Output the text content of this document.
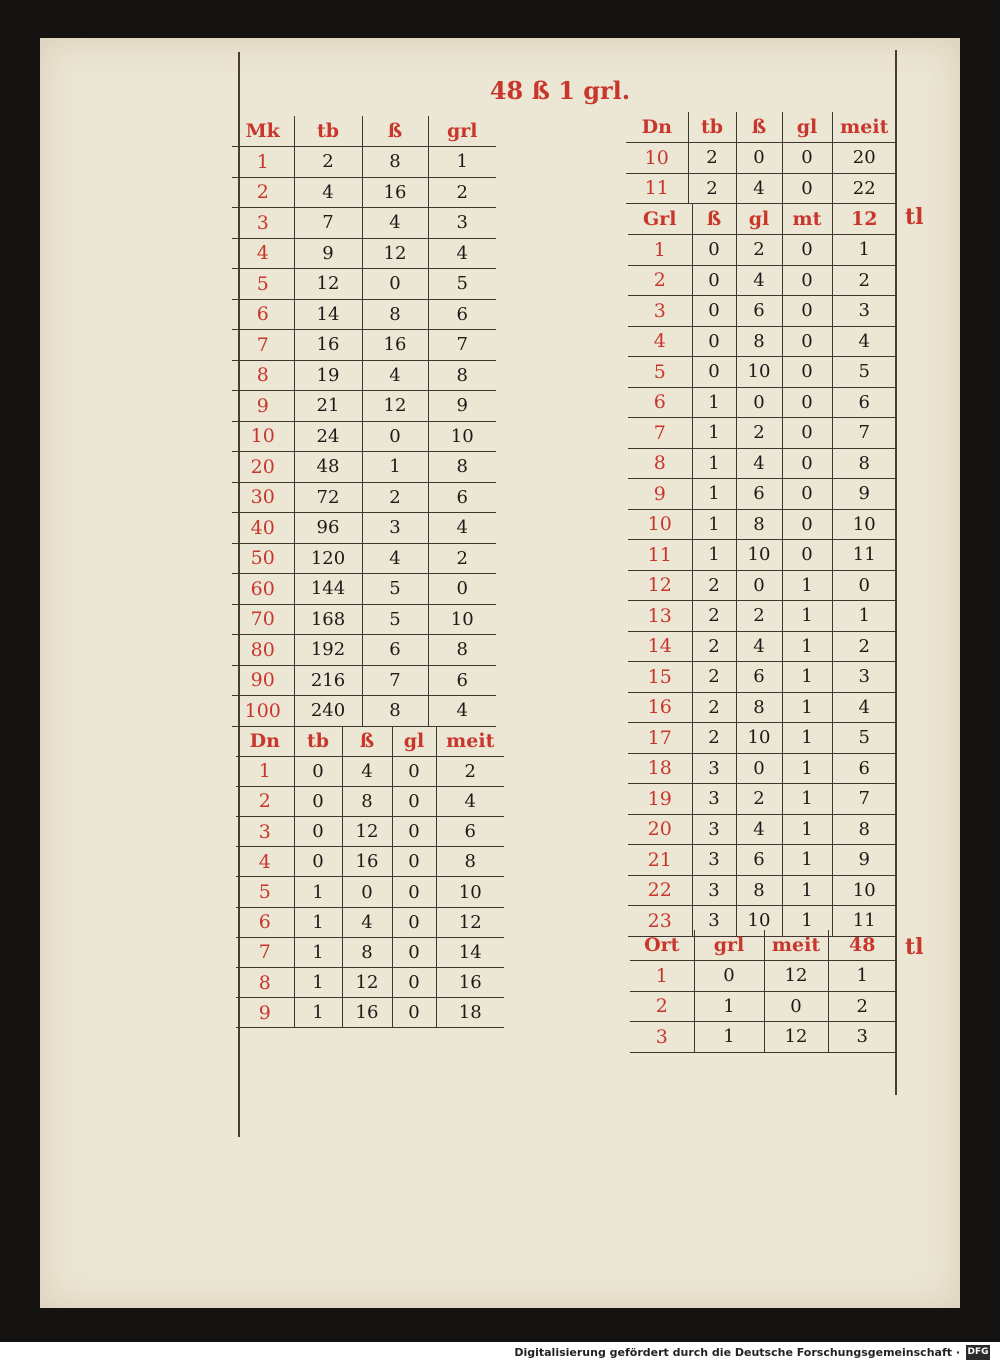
48 ß 1 grl.
Mk	tb	ß	grl
1	2	8	1
2	4	16	2
3	7	4	3
4	9	12	4
5	12	0	5
6	14	8	6
7	16	16	7
8	19	4	8
9	21	12	9
10	24	0	10
20	48	1	8
30	72	2	6
40	96	3	4
50	120	4	2
60	144	5	0
70	168	5	10
80	192	6	8
90	216	7	6
100	240	8	4
Dn	tb	ß	gl	meit
1	0	4	0	2
2	0	8	0	4
3	0	12	0	6
4	0	16	0	8
5	1	0	0	10
6	1	4	0	12
7	1	8	0	14
8	1	12	0	16
9	1	16	0	18
Dn	tb	ß	gl	meit
10	2	0	0	20
11	2	4	0	22
Grl	ß	gl	mt	12
1	0	2	0	1
2	0	4	0	2
3	0	6	0	3
4	0	8	0	4
5	0	10	0	5
6	1	0	0	6
7	1	2	0	7
8	1	4	0	8
9	1	6	0	9
10	1	8	0	10
11	1	10	0	11
12	2	0	1	0
13	2	2	1	1
14	2	4	1	2
15	2	6	1	3
16	2	8	1	4
17	2	10	1	5
18	3	0	1	6
19	3	2	1	7
20	3	4	1	8
21	3	6	1	9
22	3	8	1	10
23	3	10	1	11
Ort	grl	meit	48
1	0	12	1
2	1	0	2
3	1	12	3
tl
tl
Digitalisierung gefördert durch die Deutsche Forschungsgemeinschaft · DFG
